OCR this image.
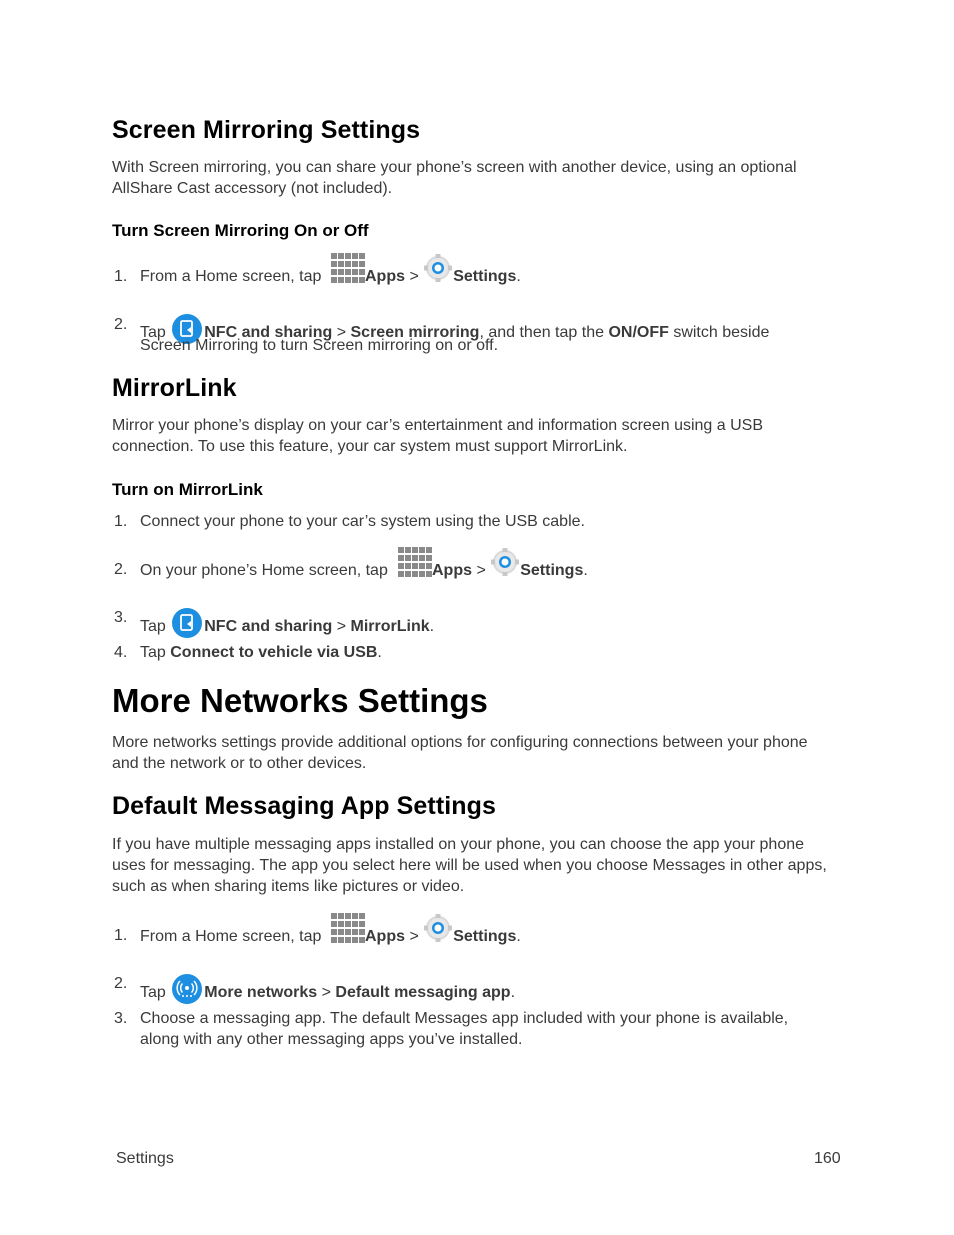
Screen Mirroring Settings
With Screen mirroring, you can share your phone’s screen with another device, using an optional
AllShare Cast accessory (not included).
Turn Screen Mirroring On or Off
1. From a Home screen, tap	Apps > Settings.
2. Tap NFC and sharing > Screen mirroring, and then tap the ON/OFF switch beside
Screen Mirroring to turn Screen mirroring on or off.
MirrorLink
Mirror your phone’s display on your car’s entertainment and information screen using a USB
connection. To use this feature, your car system must support MirrorLink.
Turn on MirrorLink
1. Connect your phone to your car’s system using the USB cable.
2. On your phone’s Home screen, tap	Apps > Settings.
3.
Tap NFC and sharing > MirrorLink.
4. Tap Connect to vehicle via USB.
More Networks Settings
More networks settings provide additional options for configuring connections between your phone
and the network or to other devices.
Default Messaging App Settings
If you have multiple messaging apps installed on your phone, you can choose the app your phone
uses for messaging. The app you select here will be used when you choose Messages in other apps,
such as when sharing items like pictures or video.
1. From a Home screen, tap	Apps > Settings.
2.
Tap More networks > Default messaging app.
3. Choose a messaging app. The default Messages app included with your phone is available,
along with any other messaging apps you’ve installed.
Settings	160
